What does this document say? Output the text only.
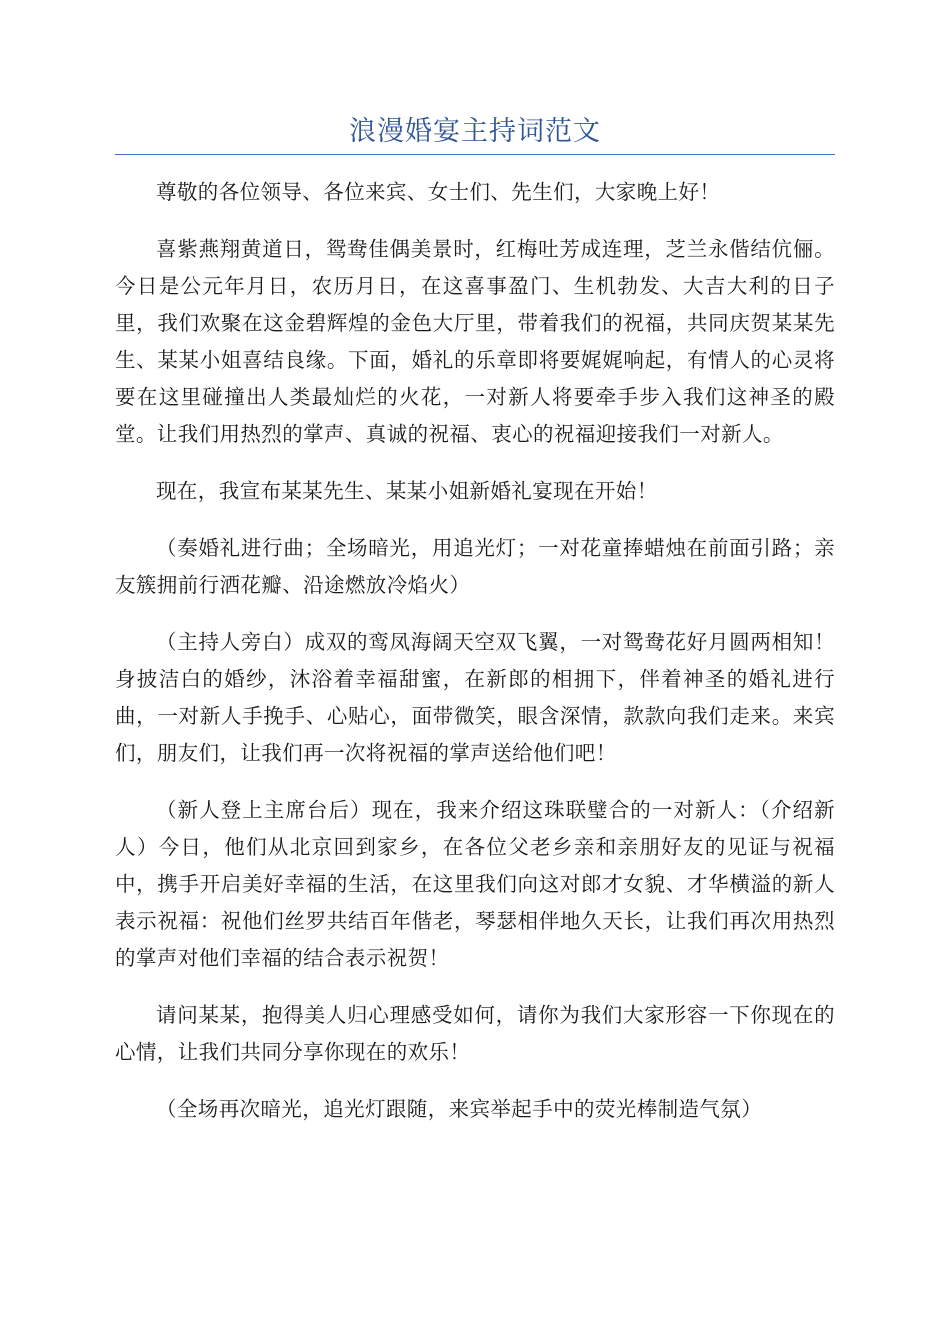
浪漫婚宴主持词范文

尊敬的各位领导、各位来宾、女士们、先生们，大家晚上好！

喜紫燕翔黄道日，鸳鸯佳偶美景时，红梅吐芳成连理，芝兰永偕结伉俪。今日是公元年月日，农历月日，在这喜事盈门、生机勃发、大吉大利的日子里，我们欢聚在这金碧辉煌的金色大厅里，带着我们的祝福，共同庆贺某某先生、某某小姐喜结良缘。下面，婚礼的乐章即将要娓娓响起，有情人的心灵将要在这里碰撞出人类最灿烂的火花，一对新人将要牵手步入我们这神圣的殿堂。让我们用热烈的掌声、真诚的祝福、衷心的祝福迎接我们一对新人。

现在，我宣布某某先生、某某小姐新婚礼宴现在开始！

（奏婚礼进行曲；全场暗光，用追光灯；一对花童捧蜡烛在前面引路；亲友簇拥前行洒花瓣、沿途燃放冷焰火）

（主持人旁白）成双的鸾凤海阔天空双飞翼，一对鸳鸯花好月圆两相知！身披洁白的婚纱，沐浴着幸福甜蜜，在新郎的相拥下，伴着神圣的婚礼进行曲，一对新人手挽手、心贴心，面带微笑，眼含深情，款款向我们走来。来宾们，朋友们，让我们再一次将祝福的掌声送给他们吧！

（新人登上主席台后）现在，我来介绍这珠联璧合的一对新人：（介绍新人）今日，他们从北京回到家乡，在各位父老乡亲和亲朋好友的见证与祝福中，携手开启美好幸福的生活，在这里我们向这对郎才女貌、才华横溢的新人表示祝福：祝他们丝罗共结百年偕老，琴瑟相伴地久天长，让我们再次用热烈的掌声对他们幸福的结合表示祝贺！

请问某某，抱得美人归心理感受如何，请你为我们大家形容一下你现在的心情，让我们共同分享你现在的欢乐！

（全场再次暗光，追光灯跟随，来宾举起手中的荧光棒制造气氛）
